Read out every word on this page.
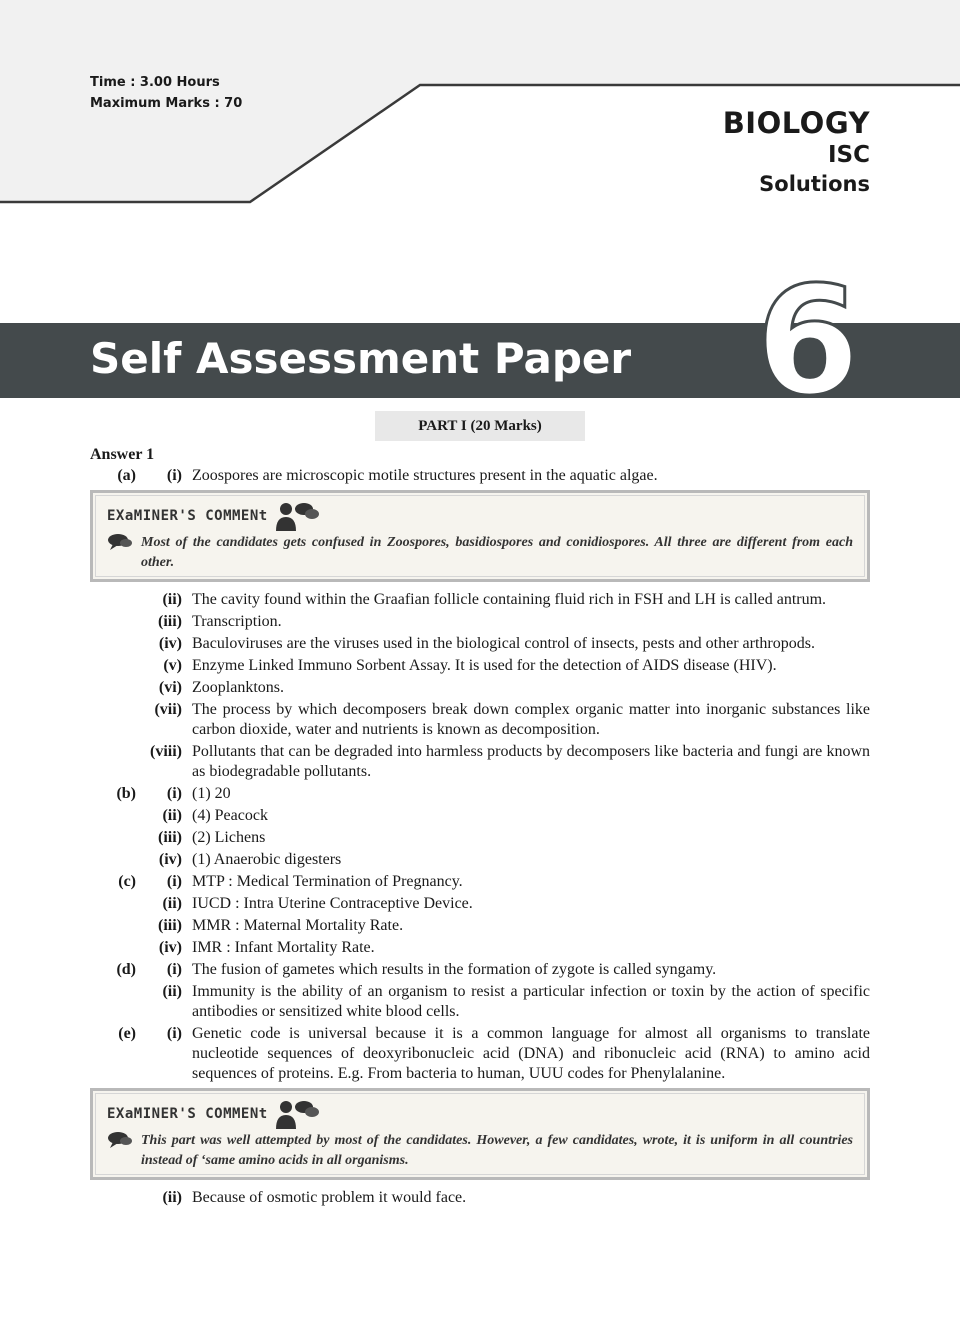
Time : 3.00 Hours
Maximum Marks : 70
BIOLOGY
ISC
Solutions
Self Assessment Paper 6
PART I (20 Marks)
Answer 1
(a)	(i) Zoospores are microscopic motile structures present in the aquatic algae.
EXaMINER'S COMMENt
Most of the candidates gets confused in Zoospores, basidiospores and conidiospores. All three are different from each other.
(ii) The cavity found within the Graafian follicle containing fluid rich in FSH and LH is called antrum.
(iii) Transcription.
(iv) Baculoviruses are the viruses used in the biological control of insects, pests and other arthropods.
(v) Enzyme Linked Immuno Sorbent Assay. It is used for the detection of AIDS disease (HIV).
(vi) Zooplanktons.
(vii) The process by which decomposers break down complex organic matter into inorganic substances like carbon dioxide, water and nutrients is known as decomposition.
(viii) Pollutants that can be degraded into harmless products by decomposers like bacteria and fungi are known as biodegradable pollutants.
(b)	(i) (1) 20
(ii) (4) Peacock
(iii) (2) Lichens
(iv) (1) Anaerobic digesters
(c)	(i) MTP : Medical Termination of Pregnancy.
(ii) IUCD : Intra Uterine Contraceptive Device.
(iii) MMR : Maternal Mortality Rate.
(iv) IMR : Infant Mortality Rate.
(d)	(i) The fusion of gametes which results in the formation of zygote is called syngamy.
(ii) Immunity is the ability of an organism to resist a particular infection or toxin by the action of specific antibodies or sensitized white blood cells.
(e)	(i) Genetic code is universal because it is a common language for almost all organisms to translate nucleotide sequences of deoxyribonucleic acid (DNA) and ribonucleic acid (RNA) to amino acid sequences of proteins. E.g. From bacteria to human, UUU codes for Phenylalanine.
EXaMINER'S COMMENt
This part was well attempted by most of the candidates. However, a few candidates, wrote, it is uniform in all countries instead of ‘same amino acids in all organisms.
(ii) Because of osmotic problem it would face.
